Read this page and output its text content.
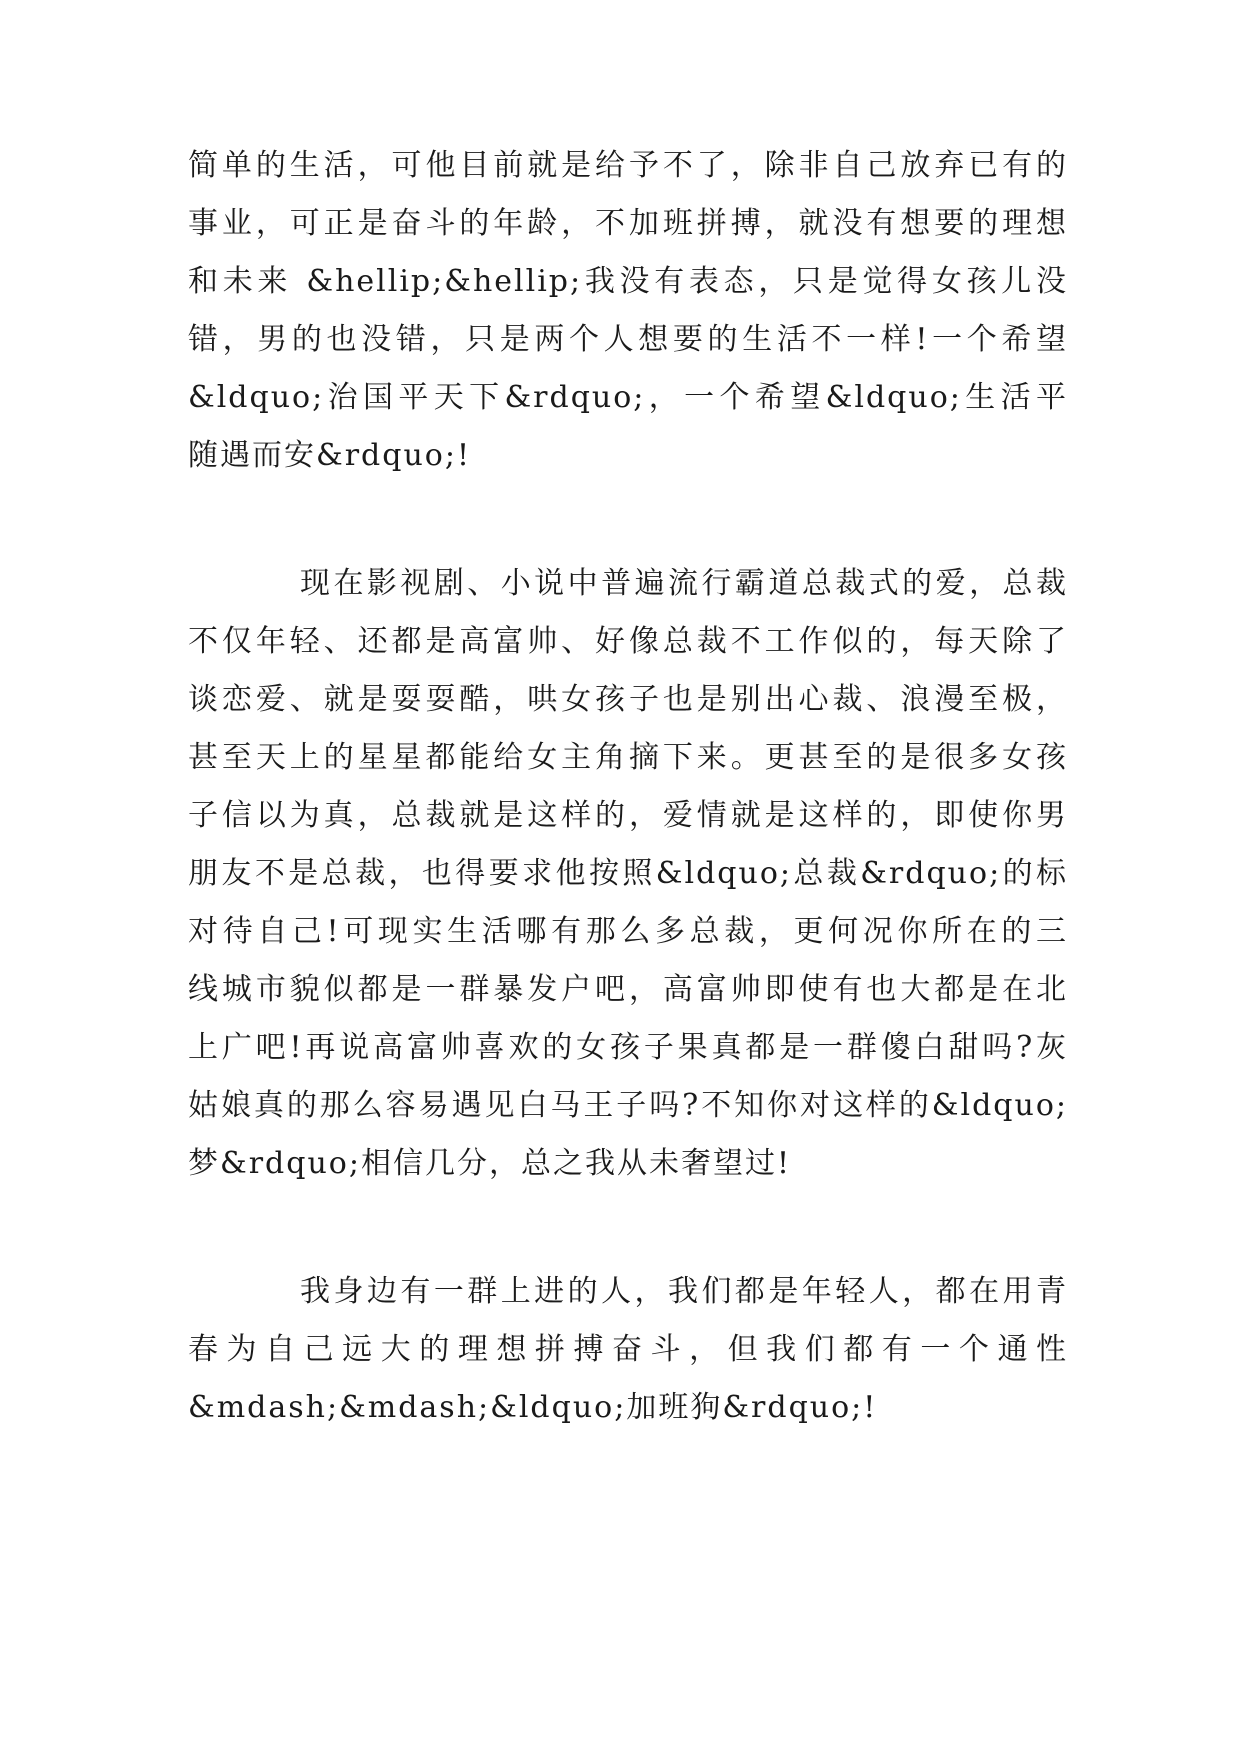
简单的生活，可他目前就是给予不了，除非自己放弃已有的
事业，可正是奋斗的年龄，不加班拼搏，就没有想要的理想
和未来 &hellip;&hellip;我没有表态，只是觉得女孩儿没
错，男的也没错，只是两个人想要的生活不一样!一个希望
&ldquo;治国平天下&rdquo;，一个希望&ldquo;生活平
随遇而安&rdquo;!
现在影视剧、小说中普遍流行霸道总裁式的爱，总裁
不仅年轻、还都是高富帅、好像总裁不工作似的，每天除了
谈恋爱、就是耍耍酷，哄女孩子也是别出心裁、浪漫至极，
甚至天上的星星都能给女主角摘下来。更甚至的是很多女孩
子信以为真，总裁就是这样的，爱情就是这样的，即使你男
朋友不是总裁，也得要求他按照&ldquo;总裁&rdquo;的标
对待自己!可现实生活哪有那么多总裁，更何况你所在的三
线城市貌似都是一群暴发户吧，高富帅即使有也大都是在北
上广吧!再说高富帅喜欢的女孩子果真都是一群傻白甜吗?灰
姑娘真的那么容易遇见白马王子吗?不知你对这样的&ldquo;
梦&rdquo;相信几分，总之我从未奢望过!
我身边有一群上进的人，我们都是年轻人，都在用青
春为自己远大的理想拼搏奋斗，但我们都有一个通性
&mdash;&mdash;&ldquo;加班狗&rdquo;!
